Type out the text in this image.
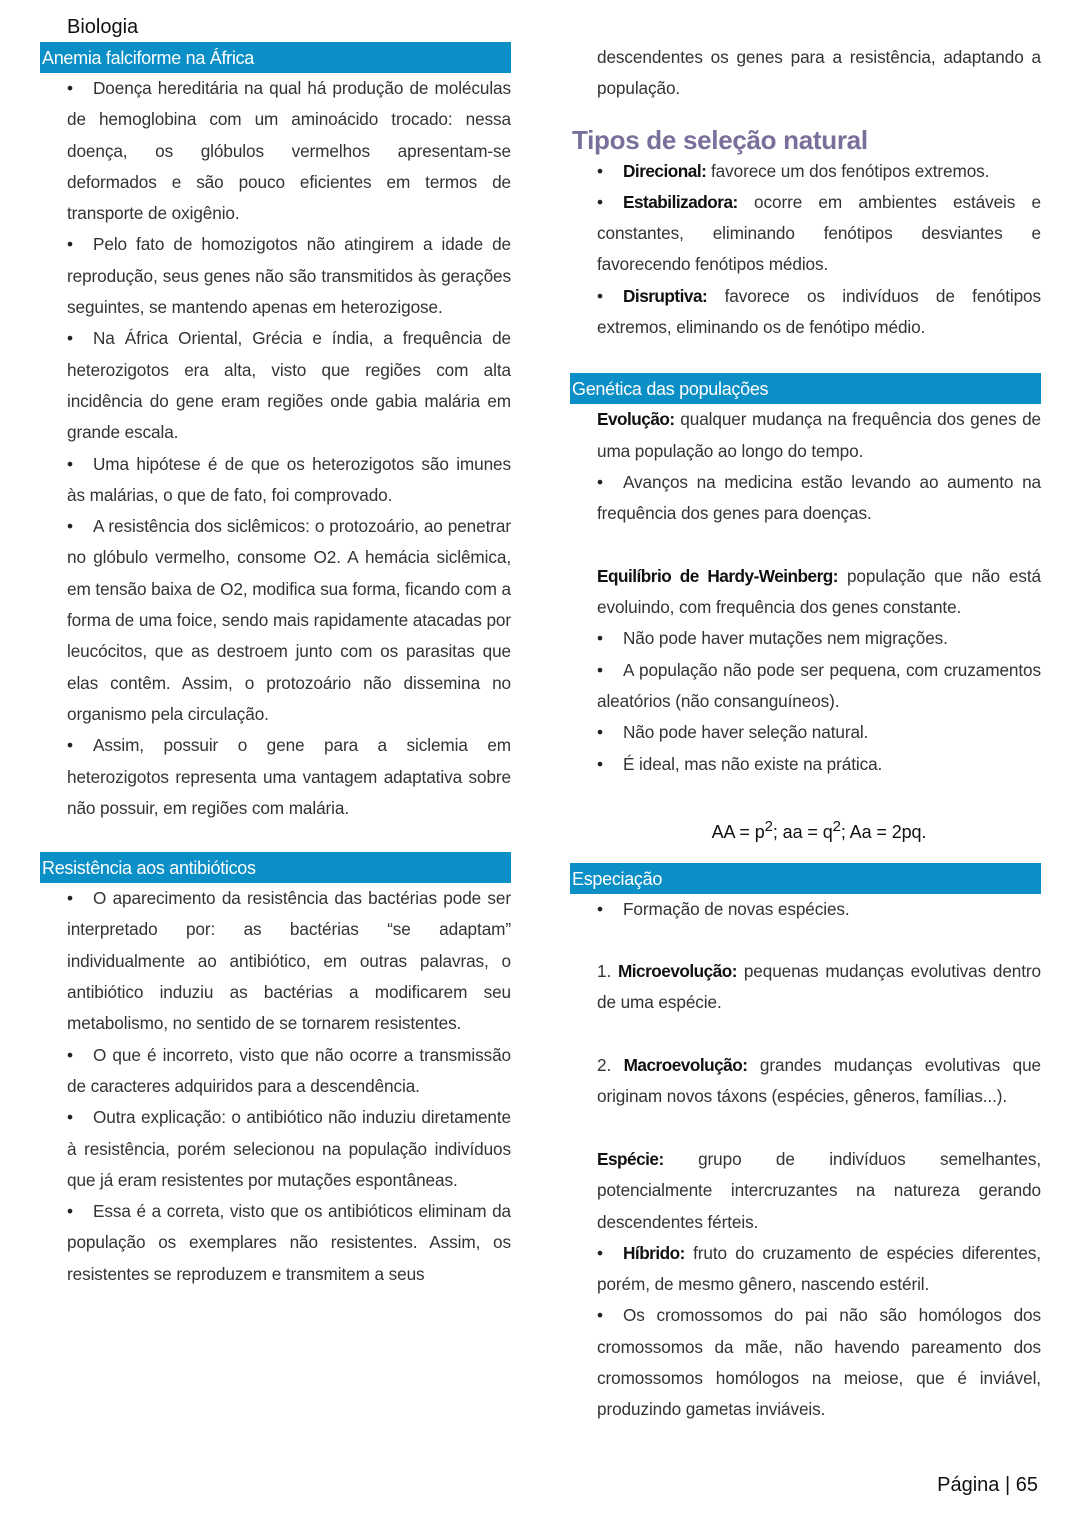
Biologia
Anemia falciforme na África

• Doença hereditária na qual há produção de moléculas de hemoglobina com um aminoácido trocado: nessa doença, os glóbulos vermelhos apresentam-se deformados e são pouco eficientes em termos de transporte de oxigênio.

• Pelo fato de homozigotos não atingirem a idade de reprodução, seus genes não são transmitidos às gerações seguintes, se mantendo apenas em heterozigose.

• Na África Oriental, Grécia e índia, a frequência de heterozigotos era alta, visto que regiões com alta incidência do gene eram regiões onde gabia malária em grande escala.

• Uma hipótese é de que os heterozigotos são imunes às malárias, o que de fato, foi comprovado.

• A resistência dos siclêmicos: o protozoário, ao penetrar no glóbulo vermelho, consome O2. A hemácia siclêmica, em tensão baixa de O2, modifica sua forma, ficando com a forma de uma foice, sendo mais rapidamente atacadas por leucócitos, que as destroem junto com os parasitas que elas contêm. Assim, o protozoário não dissemina no organismo pela circulação.

• Assim, possuir o gene para a siclemia em heterozigotos representa uma vantagem adaptativa sobre não possuir, em regiões com malária.

Resistência aos antibióticos

• O aparecimento da resistência das bactérias pode ser interpretado por: as bactérias “se adaptam” individualmente ao antibiótico, em outras palavras, o antibiótico induziu as bactérias a modificarem seu metabolismo, no sentido de se tornarem resistentes.

• O que é incorreto, visto que não ocorre a transmissão de caracteres adquiridos para a descendência.

• Outra explicação: o antibiótico não induziu diretamente à resistência, porém selecionou na população indivíduos que já eram resistentes por mutações espontâneas.

• Essa é a correta, visto que os antibióticos eliminam da população os exemplares não resistentes. Assim, os resistentes se reproduzem e transmitem a seus

descendentes os genes para a resistência, adaptando a população.

Tipos de seleção natural

• Direcional: favorece um dos fenótipos extremos.

• Estabilizadora: ocorre em ambientes estáveis e constantes, eliminando fenótipos desviantes e favorecendo fenótipos médios.

• Disruptiva: favorece os indivíduos de fenótipos extremos, eliminando os de fenótipo médio.

Genética das populações

Evolução: qualquer mudança na frequência dos genes de uma população ao longo do tempo.

• Avanços na medicina estão levando ao aumento na frequência dos genes para doenças.

Equilíbrio de Hardy-Weinberg: população que não está evoluindo, com frequência dos genes constante.

• Não pode haver mutações nem migrações.

• A população não pode ser pequena, com cruzamentos aleatórios (não consanguíneos).

• Não pode haver seleção natural.

• É ideal, mas não existe na prática.

AA = $p^2$; aa = $q^2$; Aa = 2pq.

Especiação

• Formação de novas espécies.

1. Microevolução: pequenas mudanças evolutivas dentro de uma espécie.

2. Macroevolução: grandes mudanças evolutivas que originam novos táxons (espécies, gêneros, famílias...).

Espécie: grupo de indivíduos semelhantes, potencialmente intercruzantes na natureza gerando descendentes férteis.

• Híbrido: fruto do cruzamento de espécies diferentes, porém, de mesmo gênero, nascendo estéril.

• Os cromossomos do pai não são homólogos dos cromossomos da mãe, não havendo pareamento dos cromossomos homólogos na meiose, que é inviável, produzindo gametas inviáveis.

Página | 65
